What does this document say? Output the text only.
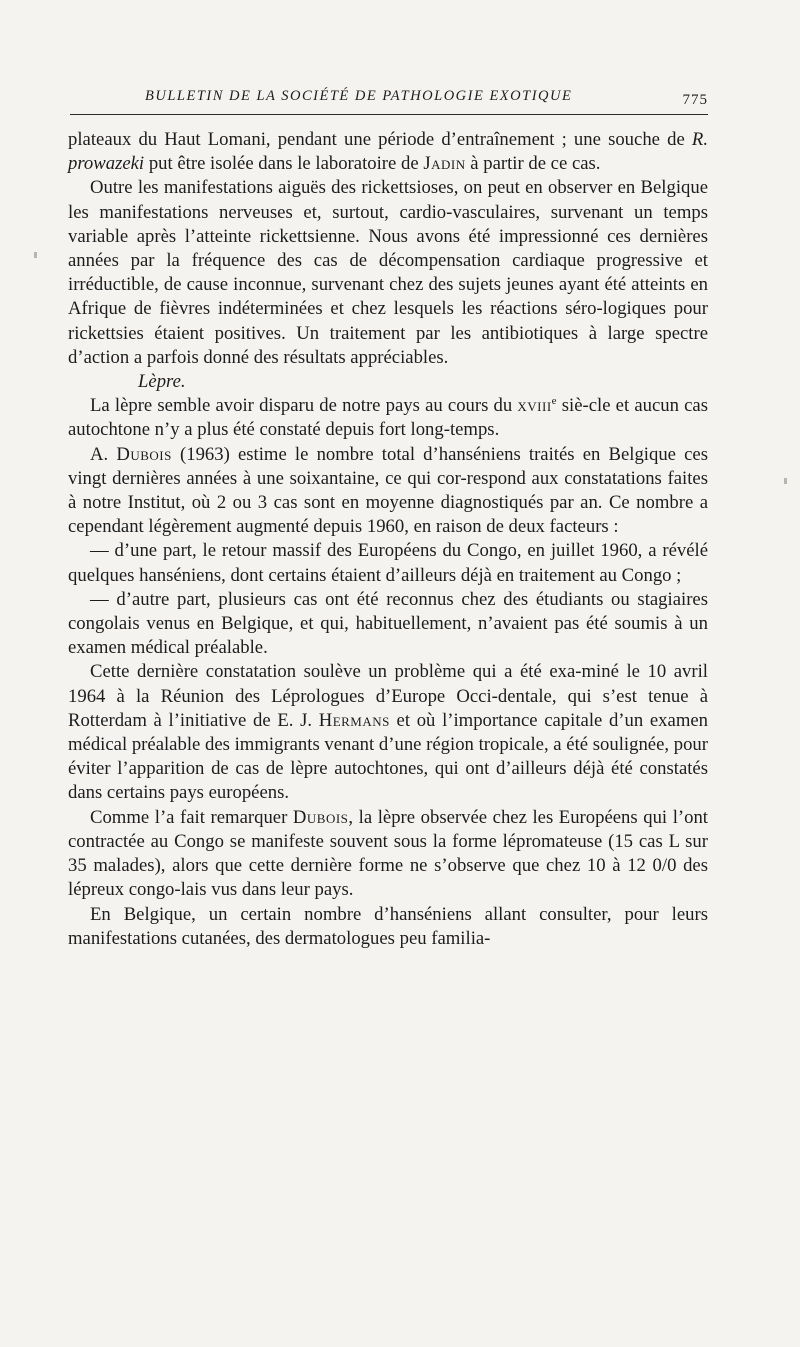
BULLETIN DE LA SOCIÉTÉ DE PATHOLOGIE EXOTIQUE	775

plateaux du Haut Lomani, pendant une période d’entraînement ; une souche de R. prowazeki put être isolée dans le laboratoire de Jadin à partir de ce cas.

Outre les manifestations aiguës des rickettsioses, on peut en observer en Belgique les manifestations nerveuses et, surtout, cardio-vasculaires, survenant un temps variable après l’atteinte rickettsienne. Nous avons été impressionné ces dernières années par la fréquence des cas de décompensation cardiaque progressive et irréductible, de cause inconnue, survenant chez des sujets jeunes ayant été atteints en Afrique de fièvres indéterminées et chez lesquels les réactions séro-logiques pour rickettsies étaient positives. Un traitement par les antibiotiques à large spectre d’action a parfois donné des résultats appréciables.

Lèpre.

La lèpre semble avoir disparu de notre pays au cours du xviii$^e$ siè-cle et aucun cas autochtone n’y a plus été constaté depuis fort long-temps.

A. Dubois (1963) estime le nombre total d’hanséniens traités en Belgique ces vingt dernières années à une soixantaine, ce qui cor-respond aux constatations faites à notre Institut, où 2 ou 3 cas sont en moyenne diagnostiqués par an. Ce nombre a cependant légèrement augmenté depuis 1960, en raison de deux facteurs :

— d’une part, le retour massif des Européens du Congo, en juillet 1960, a révélé quelques hanséniens, dont certains étaient d’ailleurs déjà en traitement au Congo ;

— d’autre part, plusieurs cas ont été reconnus chez des étudiants ou stagiaires congolais venus en Belgique, et qui, habituellement, n’avaient pas été soumis à un examen médical préalable.

Cette dernière constatation soulève un problème qui a été exa-miné le 10 avril 1964 à la Réunion des Léprologues d’Europe Occi-dentale, qui s’est tenue à Rotterdam à l’initiative de E. J. Hermans et où l’importance capitale d’un examen médical préalable des immigrants venant d’une région tropicale, a été soulignée, pour éviter l’apparition de cas de lèpre autochtones, qui ont d’ailleurs déjà été constatés dans certains pays européens.

Comme l’a fait remarquer Dubois, la lèpre observée chez les Européens qui l’ont contractée au Congo se manifeste souvent sous la forme lépromateuse (15 cas L sur 35 malades), alors que cette dernière forme ne s’observe que chez 10 à 12 0/0 des lépreux congo-lais vus dans leur pays.

En Belgique, un certain nombre d’hanséniens allant consulter, pour leurs manifestations cutanées, des dermatologues peu familia-
